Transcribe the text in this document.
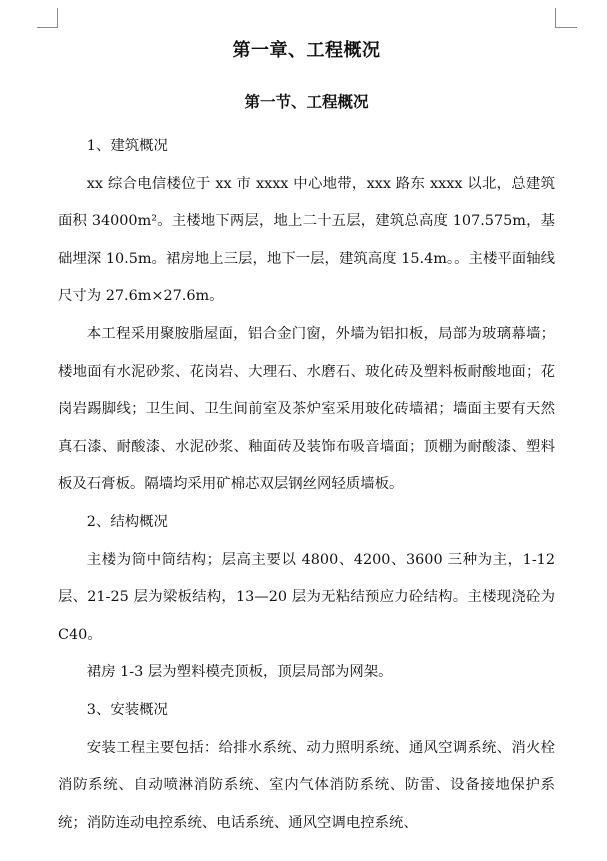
第一章、工程概况
第一节、工程概况

1、建筑概况

xx 综合电信楼位于 xx 市 xxxx 中心地带，xxx 路东 xxxx 以北，总建筑面积 34000m²。主楼地下两层，地上二十五层，建筑总高度 107.575m，基础埋深 10.5m。裙房地上三层，地下一层，建筑高度 15.4m。。主楼平面轴线尺寸为 27.6m×27.6m。

本工程采用聚胺脂屋面，铝合金门窗，外墙为铝扣板，局部为玻璃幕墙；楼地面有水泥砂浆、花岗岩、大理石、水磨石、玻化砖及塑料板耐酸地面；花岗岩踢脚线；卫生间、卫生间前室及茶炉室采用玻化砖墙裙；墙面主要有天然真石漆、耐酸漆、水泥砂浆、釉面砖及装饰布吸音墙面；顶棚为耐酸漆、塑料板及石膏板。隔墙均采用矿棉芯双层钢丝网轻质墙板。

2、结构概况

主楼为筒中筒结构；层高主要以 4800、4200、3600 三种为主，1-12 层、21-25 层为梁板结构，13—20 层为无粘结预应力砼结构。主楼现浇砼为 C40。

裙房 1-3 层为塑料模壳顶板，顶层局部为网架。

3、安装概况

安装工程主要包括：给排水系统、动力照明系统、通风空调系统、消火栓消防系统、自动喷淋消防系统、室内气体消防系统、防雷、设备接地保护系统；消防连动电控系统、电话系统、通风空调电控系统、
